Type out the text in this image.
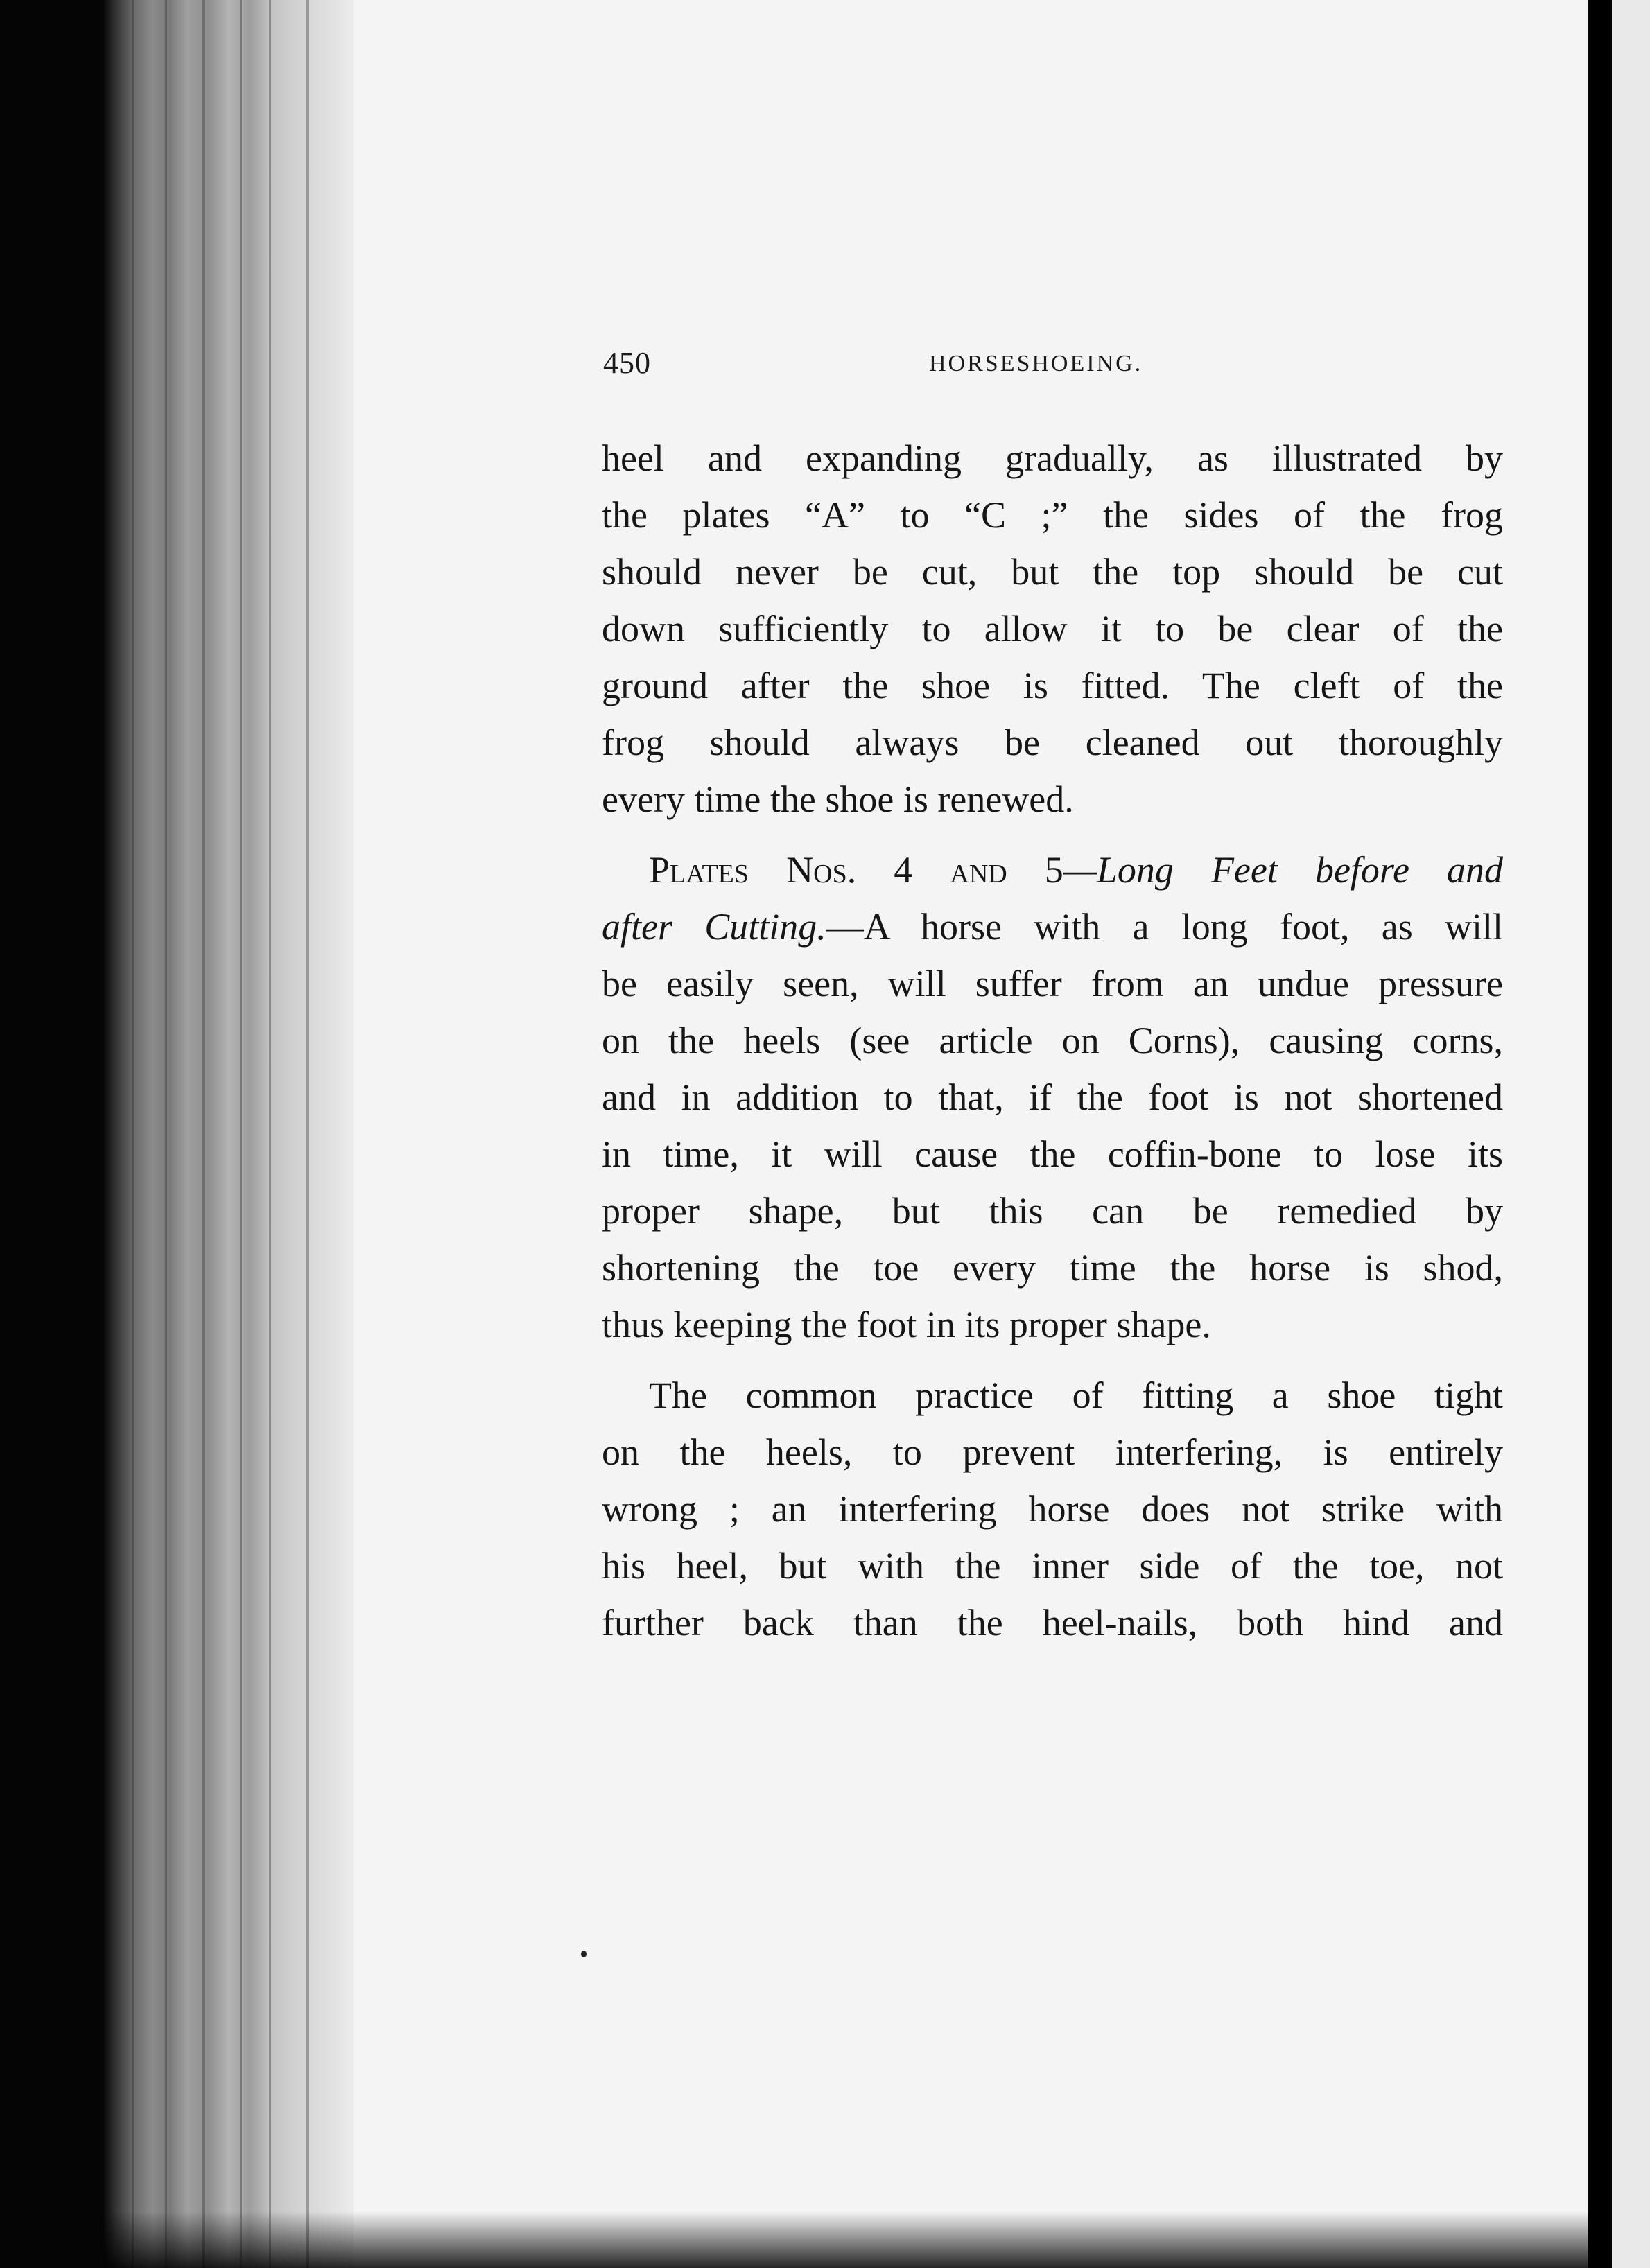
450	HORSESHOEING.
heel and expanding gradually, as illustrated by
the plates “A” to “C ;” the sides of the frog
should never be cut, but the top should be cut
down sufficiently to allow it to be clear of the
ground after the shoe is fitted. The cleft of the
frog should always be cleaned out thoroughly
every time the shoe is renewed.
Plates Nos. 4 and 5—Long Feet before and
after Cutting.—A horse with a long foot, as will
be easily seen, will suffer from an undue pressure
on the heels (see article on Corns), causing corns,
and in addition to that, if the foot is not shortened
in time, it will cause the coffin-bone to lose its
proper shape, but this can be remedied by
shortening the toe every time the horse is shod,
thus keeping the foot in its proper shape.
The common practice of fitting a shoe tight
on the heels, to prevent interfering, is entirely
wrong ; an interfering horse does not strike with
his heel, but with the inner side of the toe, not
further back than the heel-nails, both hind and
